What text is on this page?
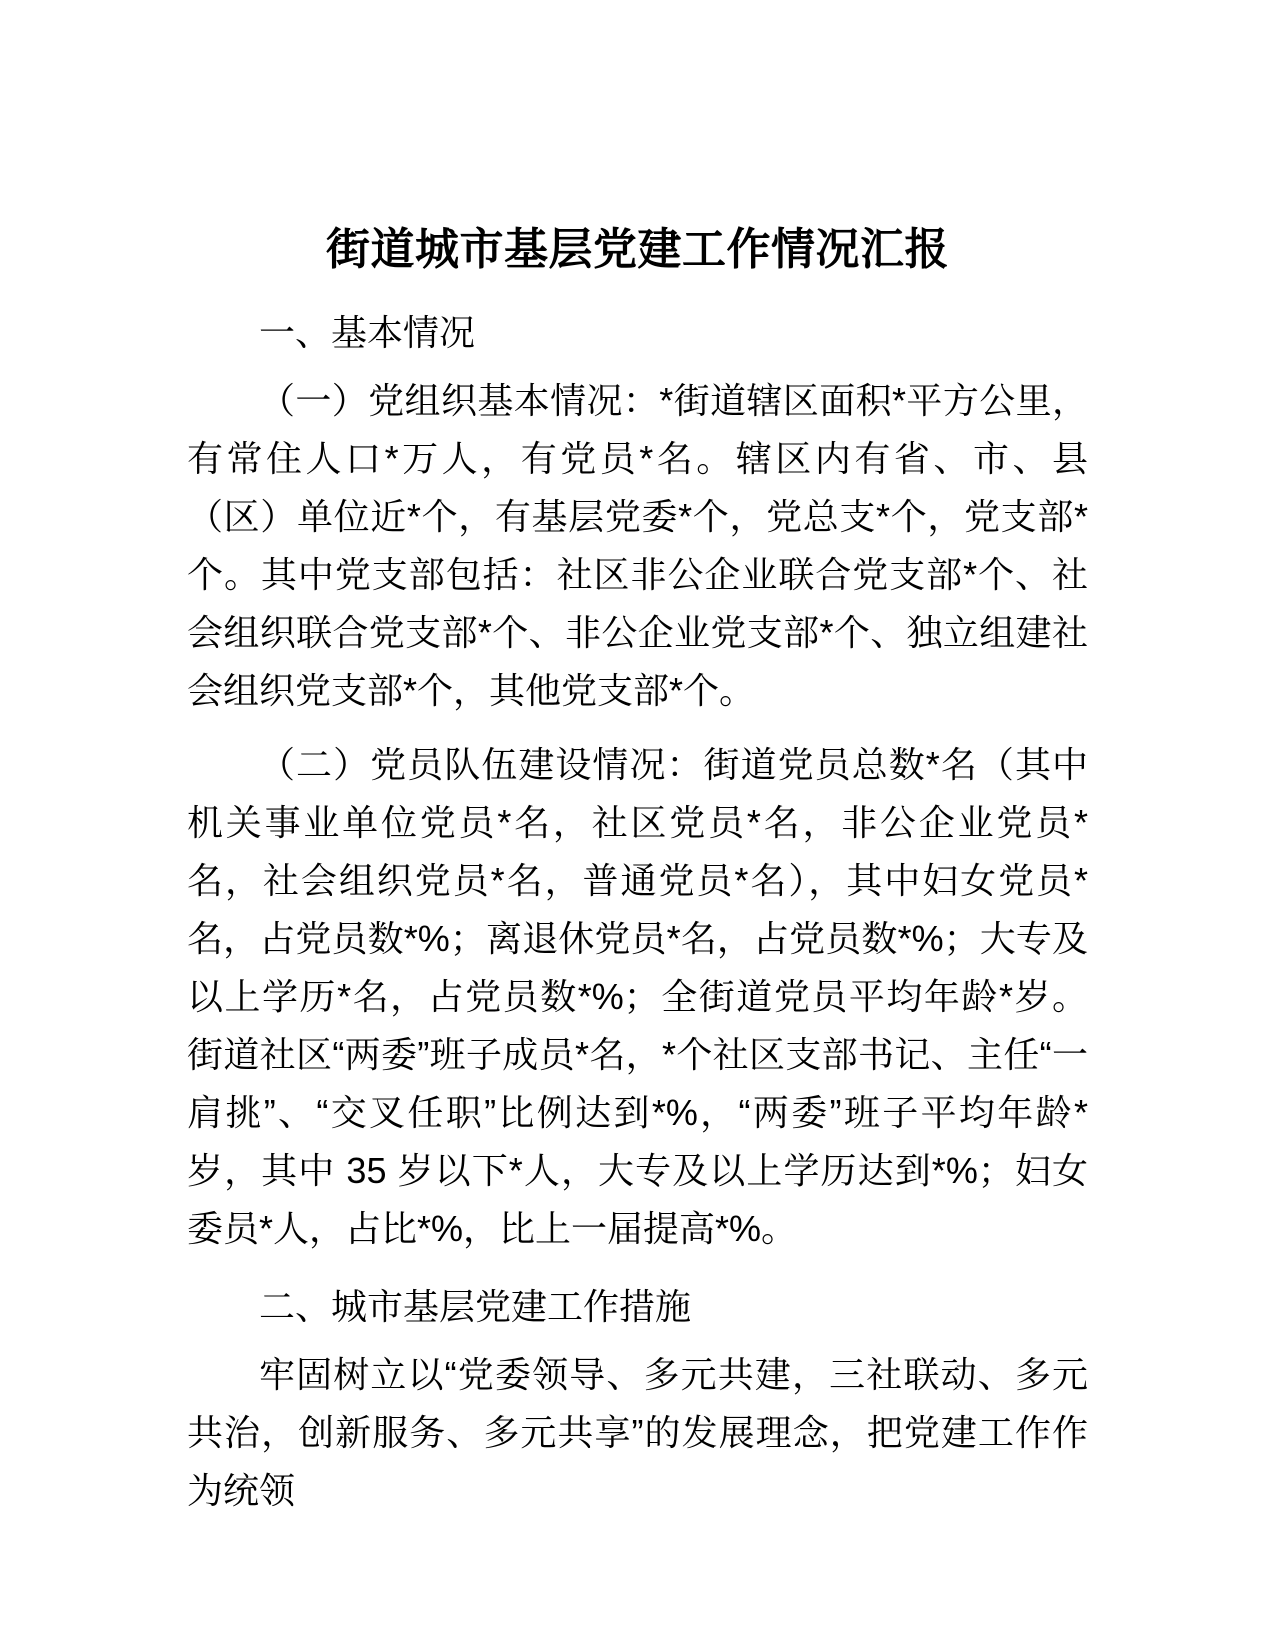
街道城市基层党建工作情况汇报

一、基本情况

（一）党组织基本情况：*街道辖区面积*平方公里，有常住人口*万人，有党员*名。辖区内有省、市、县（区）单位近*个，有基层党委*个，党总支*个，党支部*个。其中党支部包括：社区非公企业联合党支部*个、社会组织联合党支部*个、非公企业党支部*个、独立组建社会组织党支部*个，其他党支部*个。

（二）党员队伍建设情况：街道党员总数*名（其中机关事业单位党员*名，社区党员*名，非公企业党员*名，社会组织党员*名，普通党员*名），其中妇女党员*名，占党员数*%；离退休党员*名，占党员数*%；大专及以上学历*名，占党员数*%；全街道党员平均年龄*岁。街道社区“两委”班子成员*名，*个社区支部书记、主任“一肩挑”、“交叉任职”比例达到*%，“两委”班子平均年龄*岁，其中 35 岁以下*人，大专及以上学历达到*%；妇女委员*人，占比*%，比上一届提高*%。

二、城市基层党建工作措施

牢固树立以“党委领导、多元共建，三社联动、多元共治，创新服务、多元共享”的发展理念，把党建工作作为统领
